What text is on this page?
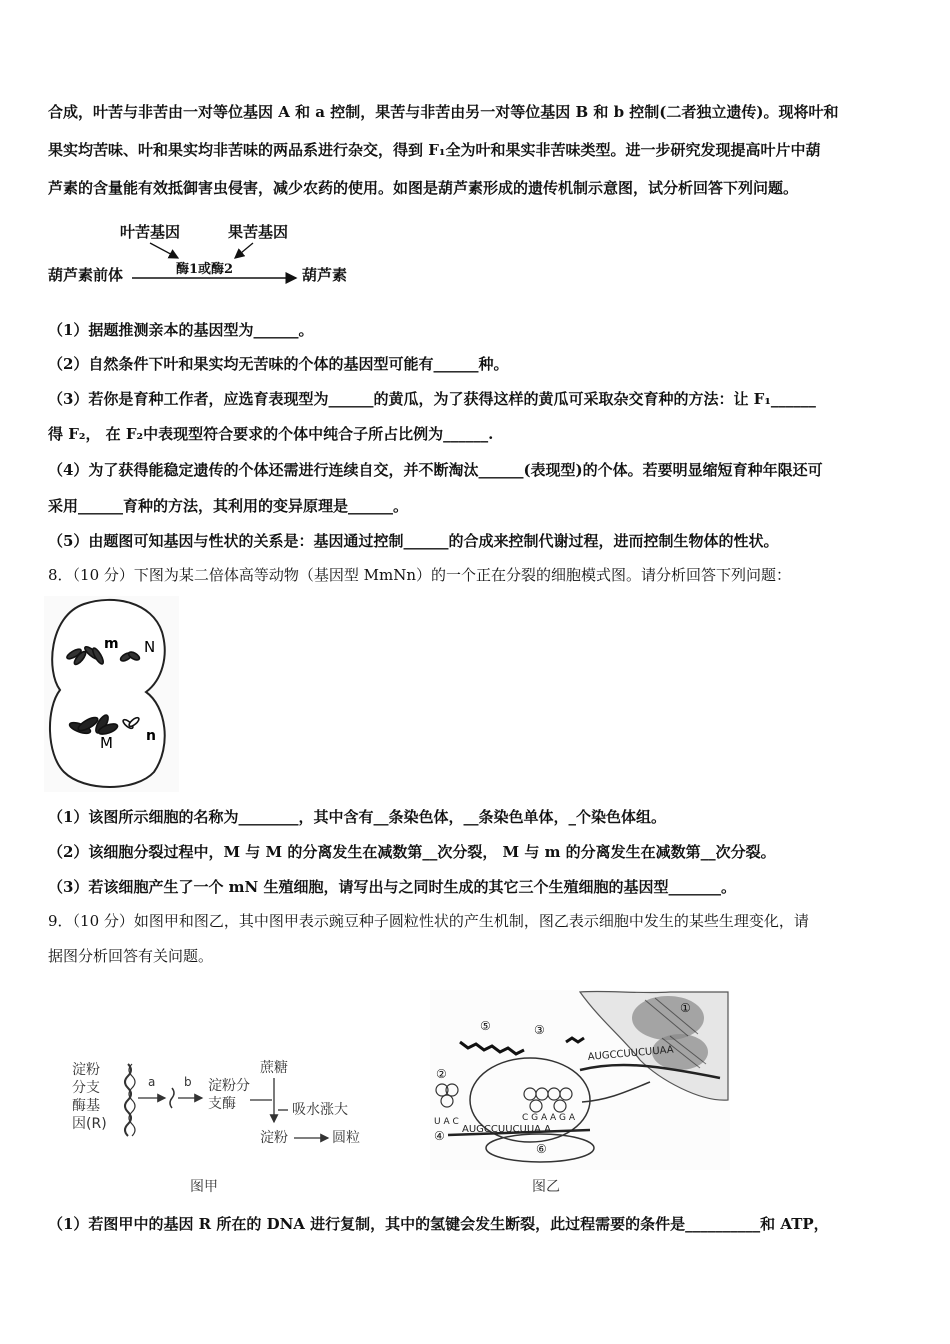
合成，叶苦与非苦由一对等位基因 A 和 a 控制，果苦与非苦由另一对等位基因 B 和 b 控制(二者独立遗传)。现将叶和
果实均苦味、叶和果实均非苦味的两品系进行杂交，得到 F₁全为叶和果实非苦味类型。进一步研究发现提高叶片中葫
芦素的含量能有效抵御害虫侵害，减少农药的使用。如图是葫芦素形成的遗传机制示意图，试分析回答下列问题。
叶苦基因	果苦基因
酶1或酶2
葫芦素前体	葫芦素
（1）据题推测亲本的基因型为______。
（2）自然条件下叶和果实均无苦味的个体的基因型可能有______种。
（3）若你是育种工作者，应选育表现型为______的黄瓜，为了获得这样的黄瓜可采取杂交育种的方法：让 F₁______
得 F₂， 在 F₂中表现型符合要求的个体中纯合子所占比例为______.
（4）为了获得能稳定遗传的个体还需进行连续自交，并不断淘汰______(表现型)的个体。若要明显缩短育种年限还可
采用______育种的方法，其利用的变异原理是______。
（5）由题图可知基因与性状的关系是：基因通过控制______的合成来控制代谢过程，进而控制生物体的性状。
8．（10 分）下图为某二倍体高等动物（基因型 MmNn）的一个正在分裂的细胞模式图。请分析回答下列问题：
m N
M n
（1）该图所示细胞的名称为________，其中含有__条染色体，__条染色单体，_个染色体组。
（2）该细胞分裂过程中，M 与 M 的分离发生在减数第__次分裂， M 与 m 的分离发生在减数第__次分裂。
（3）若该细胞产生了一个 mN 生殖细胞，请写出与之同时生成的其它三个生殖细胞的基因型_______。
9．（10 分）如图甲和图乙，其中图甲表示豌豆种子圆粒性状的产生机制，图乙表示细胞中发生的某些生理变化，请
据图分析回答有关问题。
淀粉
分支
酶基
因(R)
a b 淀粉分
支酶
蔗糖
吸水涨大
淀粉	圆粒
图甲
①
AUGCCUUCUUAA
⑥
AUGCCUUCUUA A
④
②
U A C	C G A A G A
⑤	③
图乙
（1）若图甲中的基因 R 所在的 DNA 进行复制，其中的氢键会发生断裂，此过程需要的条件是__________和 ATP，
